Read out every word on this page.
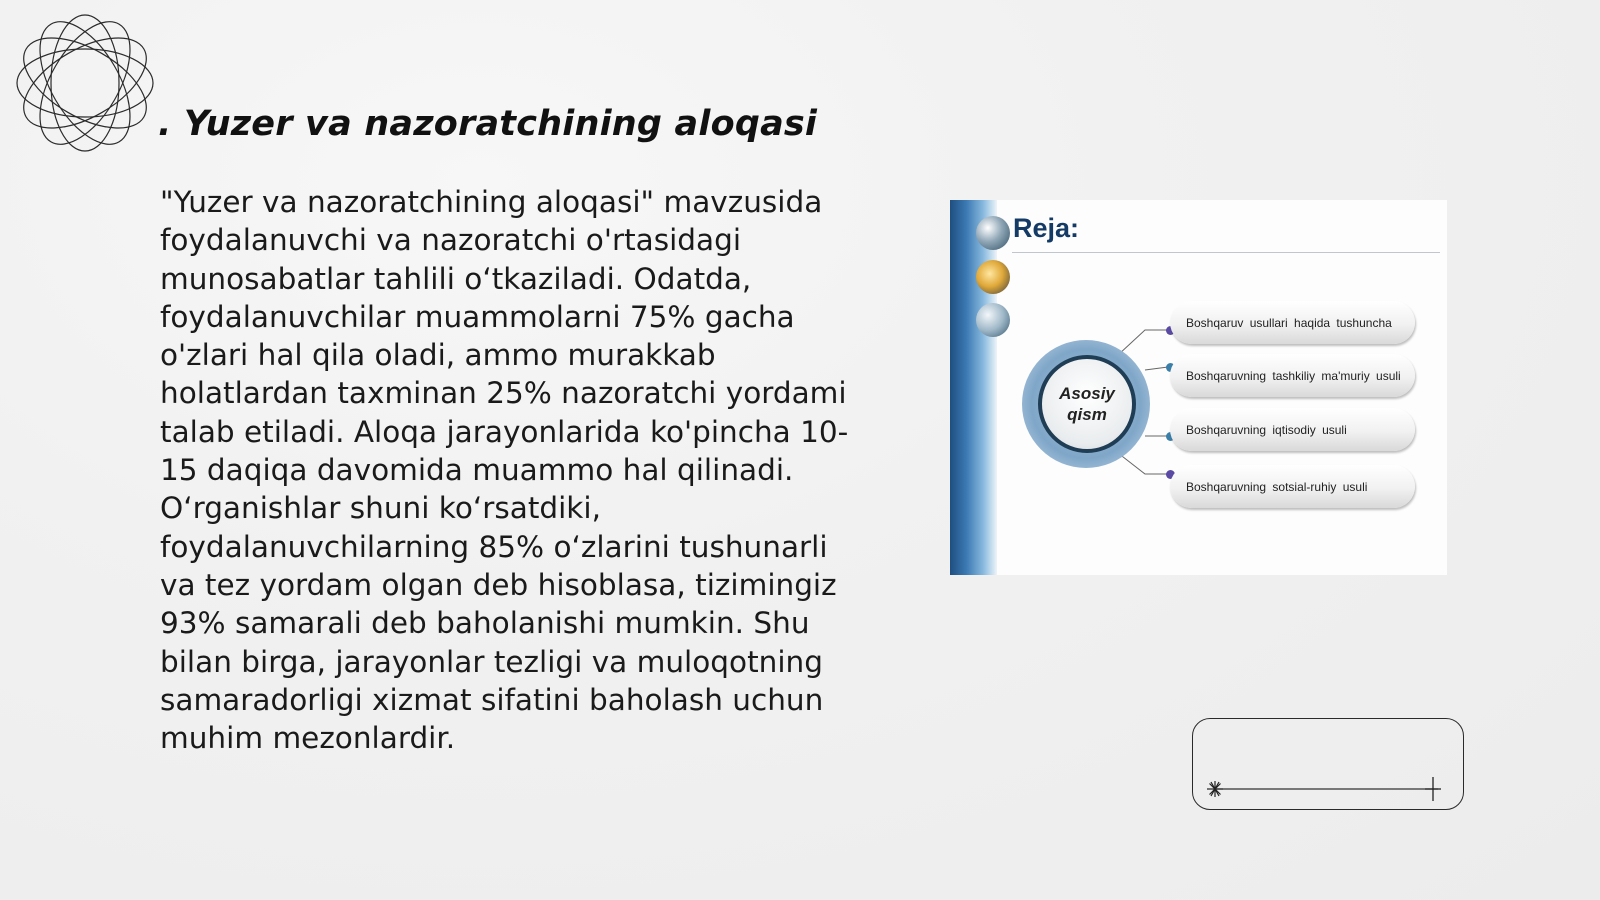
. Yuzer va nazoratchining aloqasi

"Yuzer va nazoratchining aloqasi" mavzusida foydalanuvchi va nazoratchi o'rtasidagi munosabatlar tahlili o‘tkaziladi. Odatda, foydalanuvchilar muammolarni 75% gacha o'zlari hal qila oladi, ammo murakkab holatlardan taxminan 25% nazoratchi yordami talab etiladi. Aloqa jarayonlarida ko'pincha 10-15 daqiqa davomida muammo hal qilinadi. O‘rganishlar shuni ko‘rsatdiki, foydalanuvchilarning 85% o‘zlarini tushunarli va tez yordam olgan deb hisoblasa, tizimingiz 93% samarali deb baholanishi mumkin. Shu bilan birga, jarayonlar tezligi va muloqotning samaradorligi xizmat sifatini baholash uchun muhim mezonlardir.

Reja:
Asosiy qism
Boshqaruv usullari haqida tushuncha
Boshqaruvning tashkiliy ma'muriy usuli
Boshqaruvning iqtisodiy usuli
Boshqaruvning sotsial-ruhiy usuli
